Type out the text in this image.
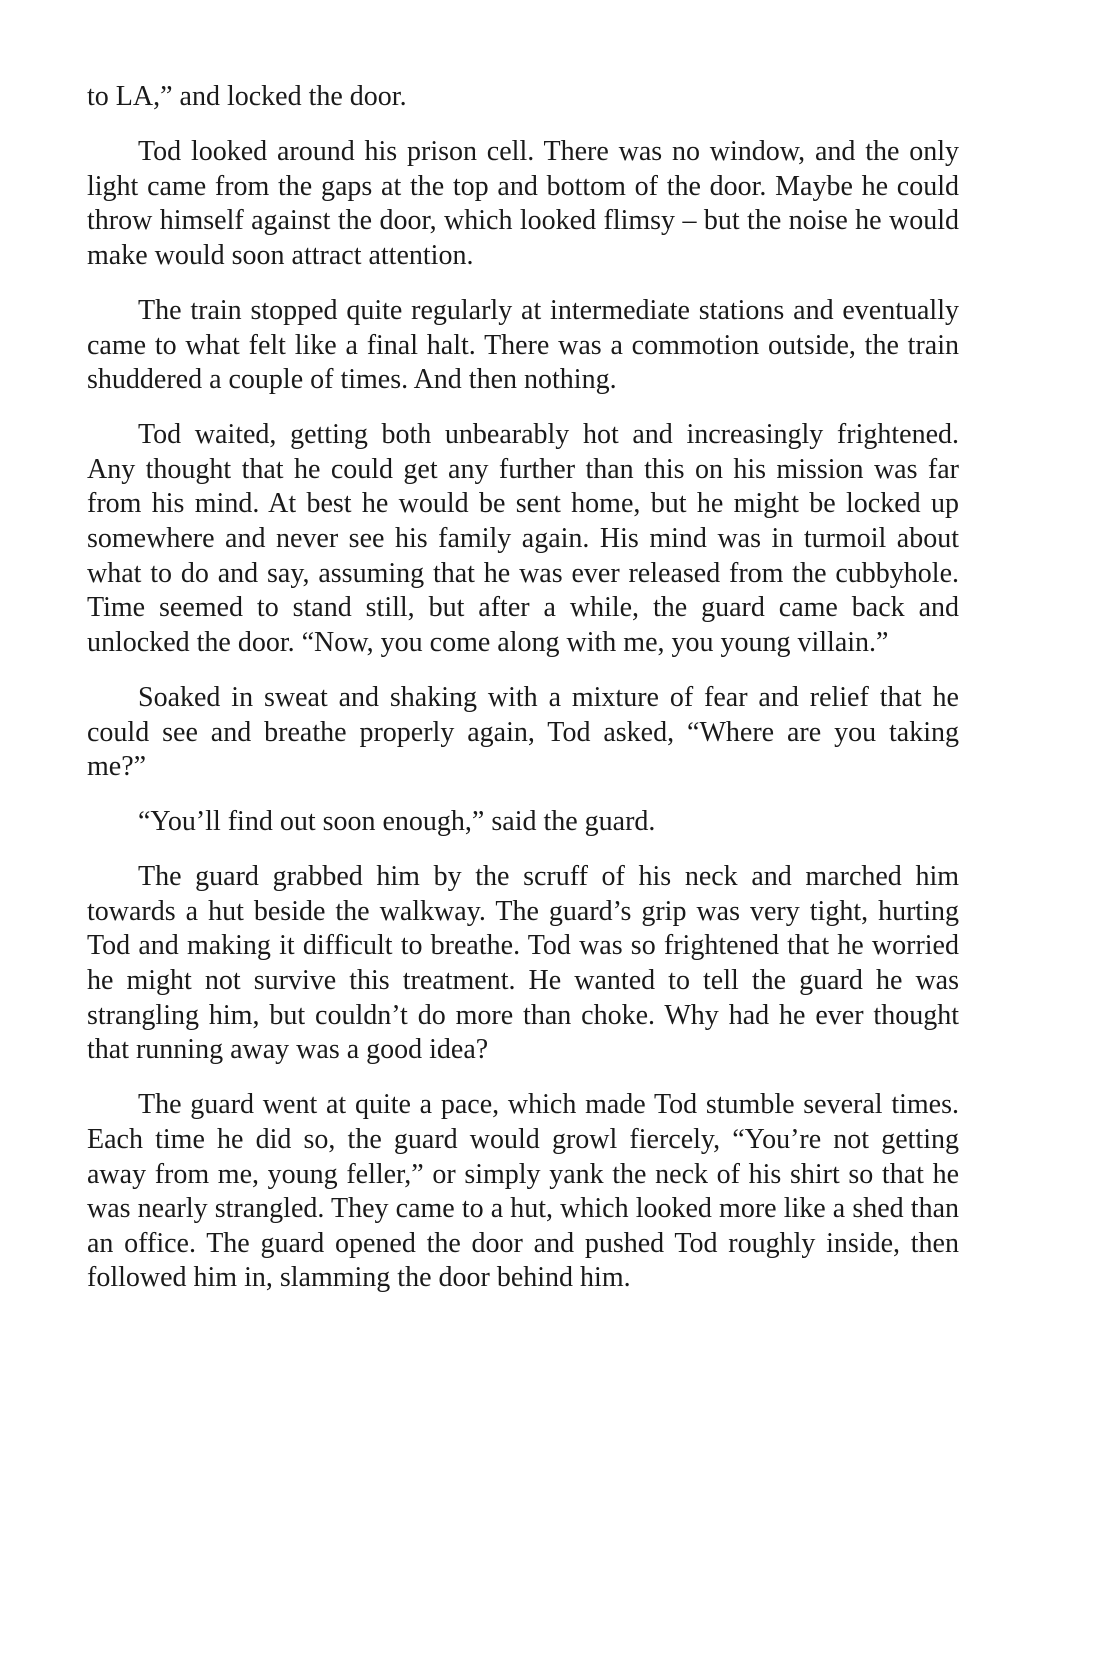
to LA,” and locked the door.

Tod looked around his prison cell. There was no window, and the only light came from the gaps at the top and bottom of the door. Maybe he could throw himself against the door, which looked flimsy – but the noise he would make would soon attract attention.

The train stopped quite regularly at intermediate stations and eventually came to what felt like a final halt. There was a commotion outside, the train shuddered a couple of times. And then nothing.

Tod waited, getting both unbearably hot and increasingly frightened. Any thought that he could get any further than this on his mission was far from his mind. At best he would be sent home, but he might be locked up somewhere and never see his family again. His mind was in turmoil about what to do and say, assuming that he was ever released from the cubbyhole. Time seemed to stand still, but after a while, the guard came back and unlocked the door. “Now, you come along with me, you young villain.”

Soaked in sweat and shaking with a mixture of fear and relief that he could see and breathe properly again, Tod asked, “Where are you taking me?”

“You’ll find out soon enough,” said the guard.

The guard grabbed him by the scruff of his neck and marched him towards a hut beside the walkway. The guard’s grip was very tight, hurting Tod and making it difficult to breathe. Tod was so frightened that he worried he might not survive this treatment. He wanted to tell the guard he was strangling him, but couldn’t do more than choke. Why had he ever thought that running away was a good idea?

The guard went at quite a pace, which made Tod stumble several times. Each time he did so, the guard would growl fiercely, “You’re not getting away from me, young feller,” or simply yank the neck of his shirt so that he was nearly strangled. They came to a hut, which looked more like a shed than an office. The guard opened the door and pushed Tod roughly inside, then followed him in, slamming the door behind him.
